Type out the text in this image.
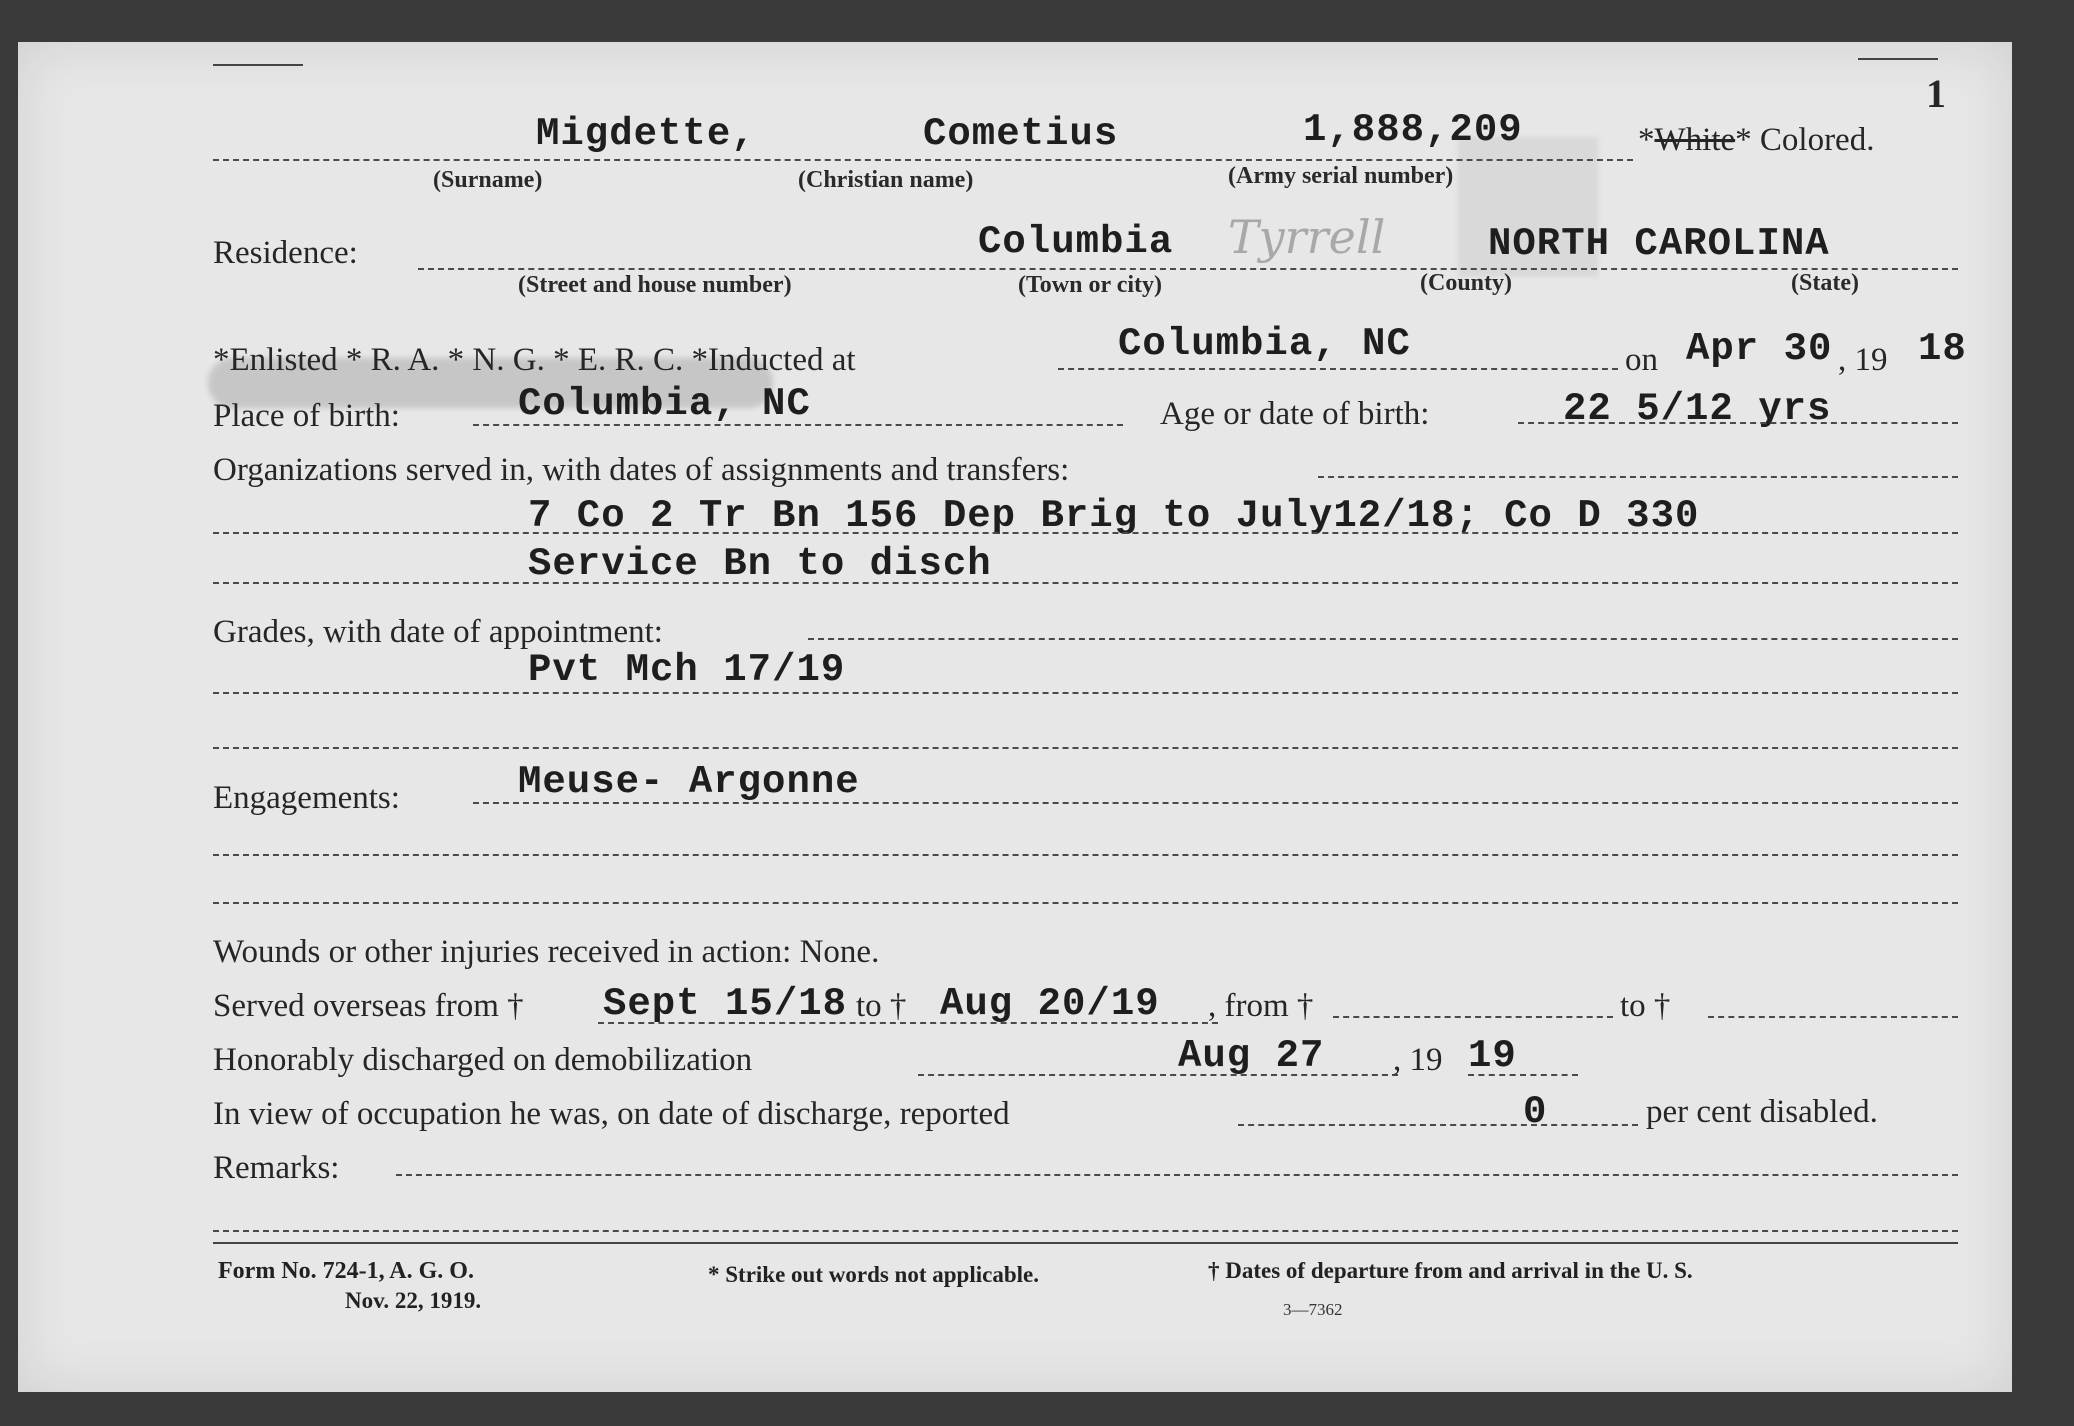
1
Migdette,	Cometius	1,888,209	*White* Colored.
(Surname)	(Christian name)	(Army serial number)
Residence:	Columbia Tyrrell	NORTH CAROLINA
(Street and house number)	(Town or city)	(County)	(State)
*Enlisted * R. A. * N. G. * E. R. C. *Inducted at	Columbia, NC	on Apr 30 , 19 18
Place of birth:	Columbia, NC	Age or date of birth:	22 5/12 yrs
Organizations served in, with dates of assignments and transfers:
7 Co 2 Tr Bn 156 Dep Brig to July12/18; Co D 330
Service Bn to disch
Grades, with date of appointment:
Pvt Mch 17/19
Engagements:	Meuse- Argonne
Wounds or other injuries received in action: None.
Served overseas from † Sept 15/18 to † Aug 20/19 , from †	to †
Honorably discharged on demobilization	Aug 27 , 19 19
In view of occupation he was, on date of discharge, reported	0	per cent disabled.
Remarks:
Form No. 724-1, A. G. O.
Nov. 22, 1919.
* Strike out words not applicable.	† Dates of departure from and arrival in the U. S.
3—7362
